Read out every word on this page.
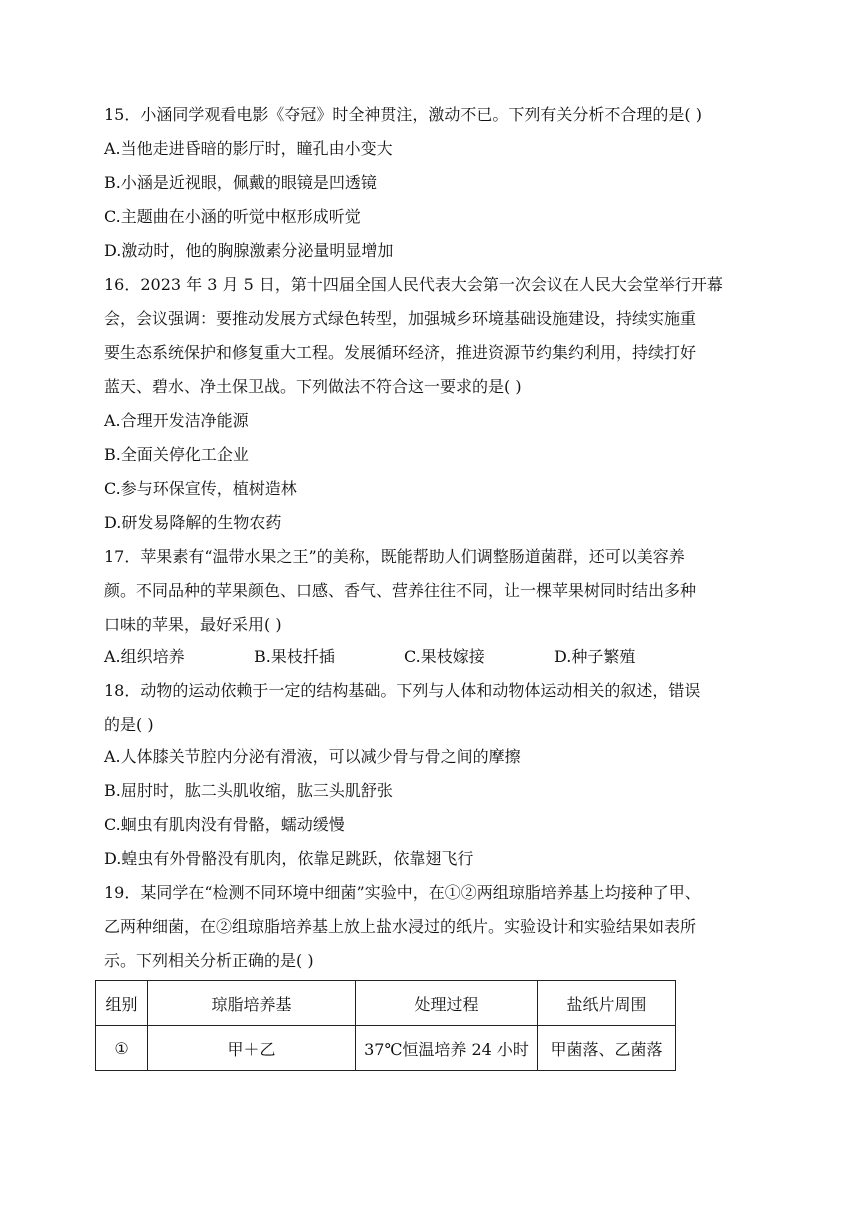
15．小涵同学观看电影《夺冠》时全神贯注，激动不已。下列有关分析不合理的是( )
A.当他走进昏暗的影厅时，瞳孔由小变大
B.小涵是近视眼，佩戴的眼镜是凹透镜
C.主题曲在小涵的听觉中枢形成听觉
D.激动时，他的胸腺激素分泌量明显增加
16．2023 年 3 月 5 日，第十四届全国人民代表大会第一次会议在人民大会堂举行开幕
会，会议强调：要推动发展方式绿色转型，加强城乡环境基础设施建设，持续实施重
要生态系统保护和修复重大工程。发展循环经济，推进资源节约集约利用，持续打好
蓝天、碧水、净土保卫战。下列做法不符合这一要求的是( )
A.合理开发洁净能源
B.全面关停化工企业
C.参与环保宣传，植树造林
D.研发易降解的生物农药
17．苹果素有“温带水果之王”的美称，既能帮助人们调整肠道菌群，还可以美容养
颜。不同品种的苹果颜色、口感、香气、营养往往不同，让一棵苹果树同时结出多种
口味的苹果，最好采用( )
A.组织培养	B.果枝扦插	C.果枝嫁接	D.种子繁殖
18．动物的运动依赖于一定的结构基础。下列与人体和动物体运动相关的叙述，错误
的是( )
A.人体膝关节腔内分泌有滑液，可以减少骨与骨之间的摩擦
B.屈肘时，肱二头肌收缩，肱三头肌舒张
C.蛔虫有肌肉没有骨骼，蠕动缓慢
D.蝗虫有外骨骼没有肌肉，依靠足跳跃，依靠翅飞行
19．某同学在“检测不同环境中细菌”实验中，在①②两组琼脂培养基上均接种了甲、
乙两种细菌，在②组琼脂培养基上放上盐水浸过的纸片。实验设计和实验结果如表所
示。下列相关分析正确的是( )
组别	琼脂培养基	处理过程	盐纸片周围
①	甲＋乙	37℃恒温培养 24 小时	甲菌落、乙菌落
